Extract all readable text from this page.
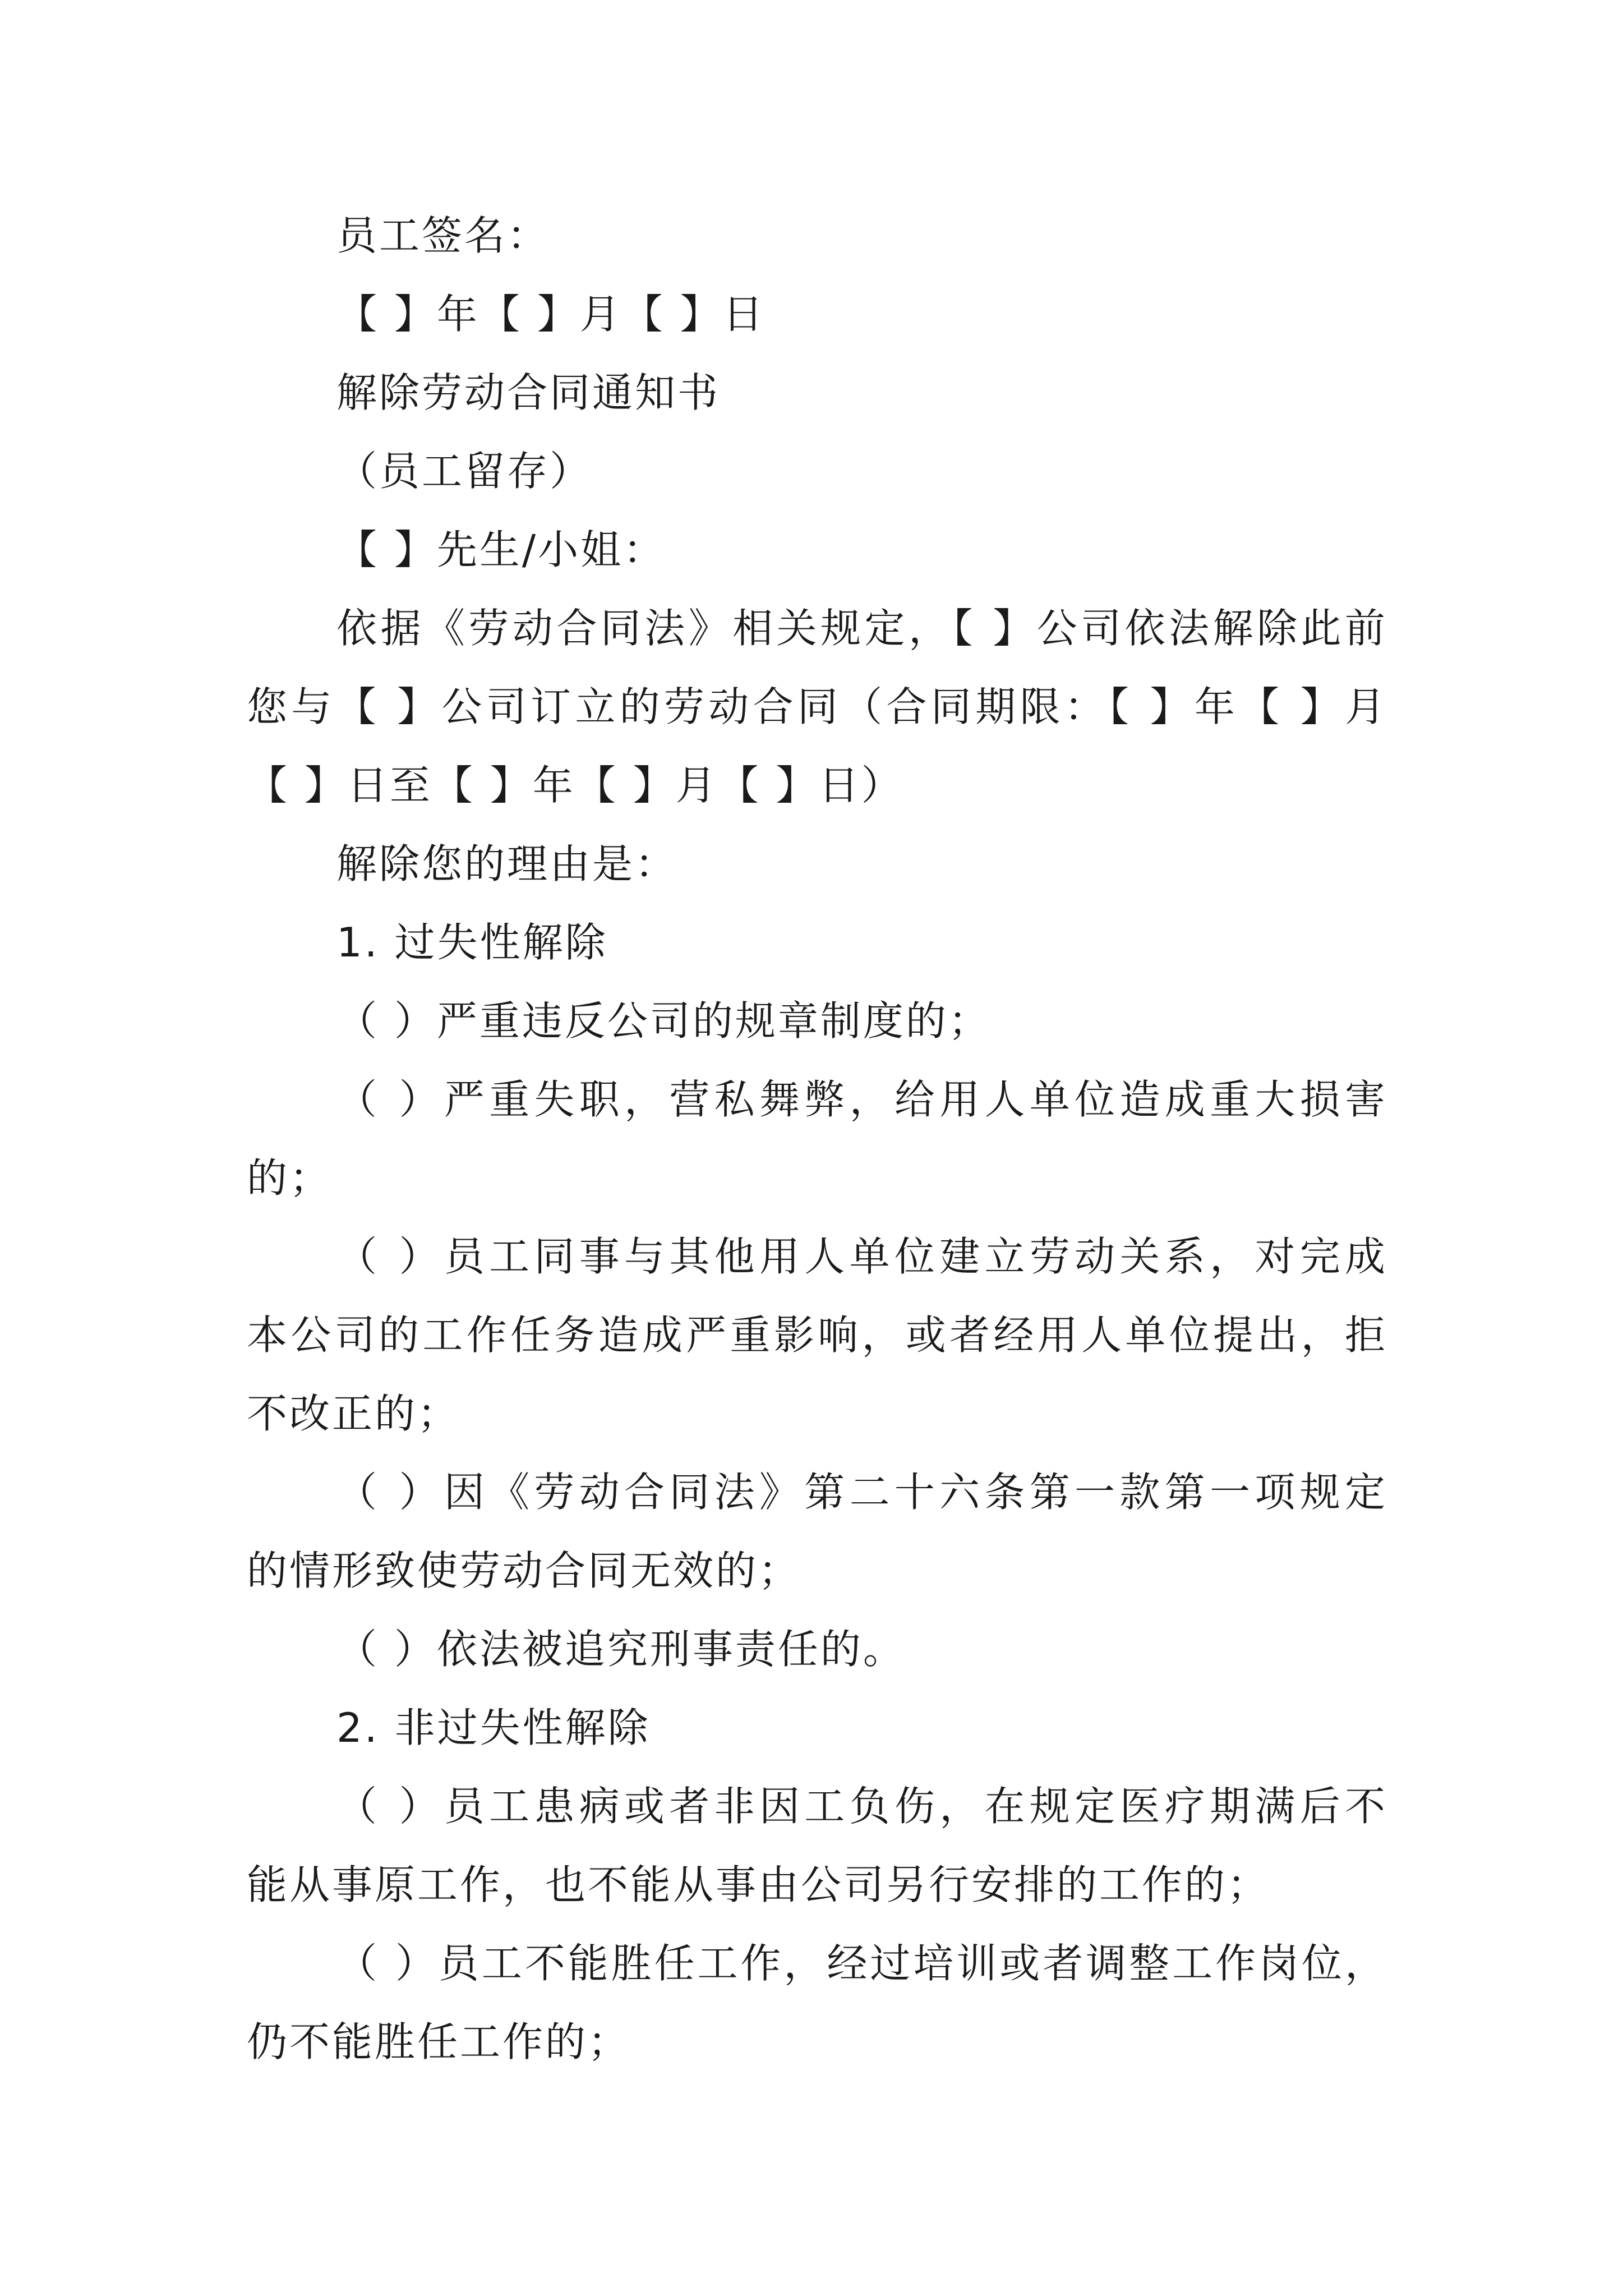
员工签名：
【 】年【 】月【 】日
解除劳动合同通知书
（员工留存）
【 】先生/小姐：
依据《劳动合同法》相关规定，【 】公司依法解除此前
您与【 】公司订立的劳动合同（合同期限：【 】年【 】月
【 】日至【 】年【 】月【 】日）
解除您的理由是：
1. 过失性解除
（ ）严重违反公司的规章制度的；
（ ）严重失职，营私舞弊，给用人单位造成重大损害
的；
（ ）员工同事与其他用人单位建立劳动关系，对完成
本公司的工作任务造成严重影响，或者经用人单位提出，拒
不改正的；
（ ）因《劳动合同法》第二十六条第一款第一项规定
的情形致使劳动合同无效的；
（ ）依法被追究刑事责任的。
2. 非过失性解除
（ ）员工患病或者非因工负伤，在规定医疗期满后不
能从事原工作，也不能从事由公司另行安排的工作的；
（ ）员工不能胜任工作，经过培训或者调整工作岗位，
仍不能胜任工作的；
